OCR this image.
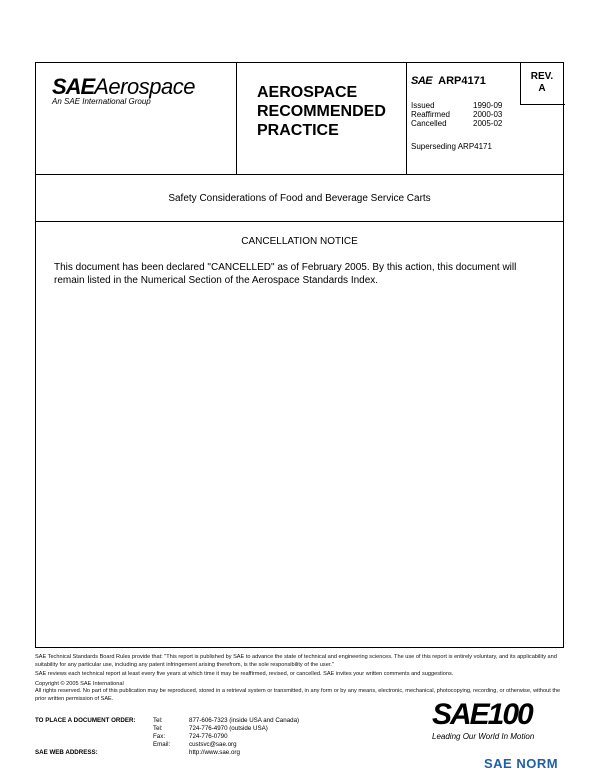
SAEAerospace
An SAE International Group
AEROSPACE
RECOMMENDED
PRACTICE
SAE ARP4171
Issued	1990-09
Reaffirmed	2000-03
Cancelled	2005-02
Superseding ARP4171
REV.
A
Safety Considerations of Food and Beverage Service Carts
CANCELLATION NOTICE
This document has been declared "CANCELLED" as of February 2005. By this action, this document will remain listed in the Numerical Section of the Aerospace Standards Index.

SAE Technical Standards Board Rules provide that: "This report is published by SAE to advance the state of technical and engineering sciences. The use of this report is entirely voluntary, and its applicability and suitability for any particular use, including any patent infringement arising therefrom, is the sole responsibility of the user."

SAE reviews each technical report at least every five years at which time it may be reaffirmed, revised, or cancelled. SAE invites your written comments and suggestions.

Copyright © 2005 SAE International

All rights reserved. No part of this publication may be reproduced, stored in a retrieval system or transmitted, in any form or by any means, electronic, mechanical, photocopying, recording, or otherwise, without the prior written permission of SAE.

TO PLACE A DOCUMENT ORDER:	Tel:	877-606-7323 (inside USA and Canada)
Tel:	724-776-4970 (outside USA)
Fax:	724-776-0790
Email:	custsvc@sae.org
SAE WEB ADDRESS:	http://www.sae.org
SAE100
Leading Our World In Motion
SAE NORM
